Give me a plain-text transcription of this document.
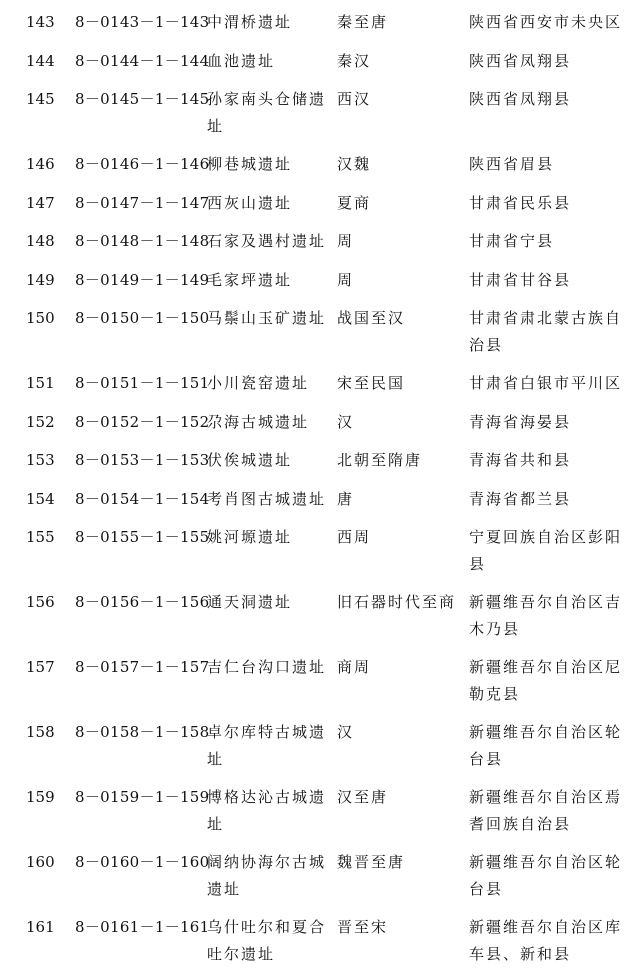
143	8－0143－1－143	中渭桥遗址	秦至唐	陕西省西安市未央区
144	8－0144－1－144	血池遗址	秦汉	陕西省凤翔县
145	8－0145－1－145	孙家南头仓储遗址	西汉	陕西省凤翔县
146	8－0146－1－146	柳巷城遗址	汉魏	陕西省眉县
147	8－0147－1－147	西灰山遗址	夏商	甘肃省民乐县
148	8－0148－1－148	石家及遇村遗址	周	甘肃省宁县
149	8－0149－1－149	毛家坪遗址	周	甘肃省甘谷县
150	8－0150－1－150	马鬃山玉矿遗址	战国至汉	甘肃省肃北蒙古族自治县
151	8－0151－1－151	小川瓷窑遗址	宋至民国	甘肃省白银市平川区
152	8－0152－1－152	尕海古城遗址	汉	青海省海晏县
153	8－0153－1－153	伏俟城遗址	北朝至隋唐	青海省共和县
154	8－0154－1－154	考肖图古城遗址	唐	青海省都兰县
155	8－0155－1－155	姚河塬遗址	西周	宁夏回族自治区彭阳县
156	8－0156－1－156	通天洞遗址	旧石器时代至商	新疆维吾尔自治区吉木乃县
157	8－0157－1－157	吉仁台沟口遗址	商周	新疆维吾尔自治区尼勒克县
158	8－0158－1－158	卓尔库特古城遗址	汉	新疆维吾尔自治区轮台县
159	8－0159－1－159	博格达沁古城遗址	汉至唐	新疆维吾尔自治区焉耆回族自治县
160	8－0160－1－160	阔纳协海尔古城遗址	魏晋至唐	新疆维吾尔自治区轮台县
161	8－0161－1－161	乌什吐尔和夏合吐尔遗址	晋至宋	新疆维吾尔自治区库车县、新和县
